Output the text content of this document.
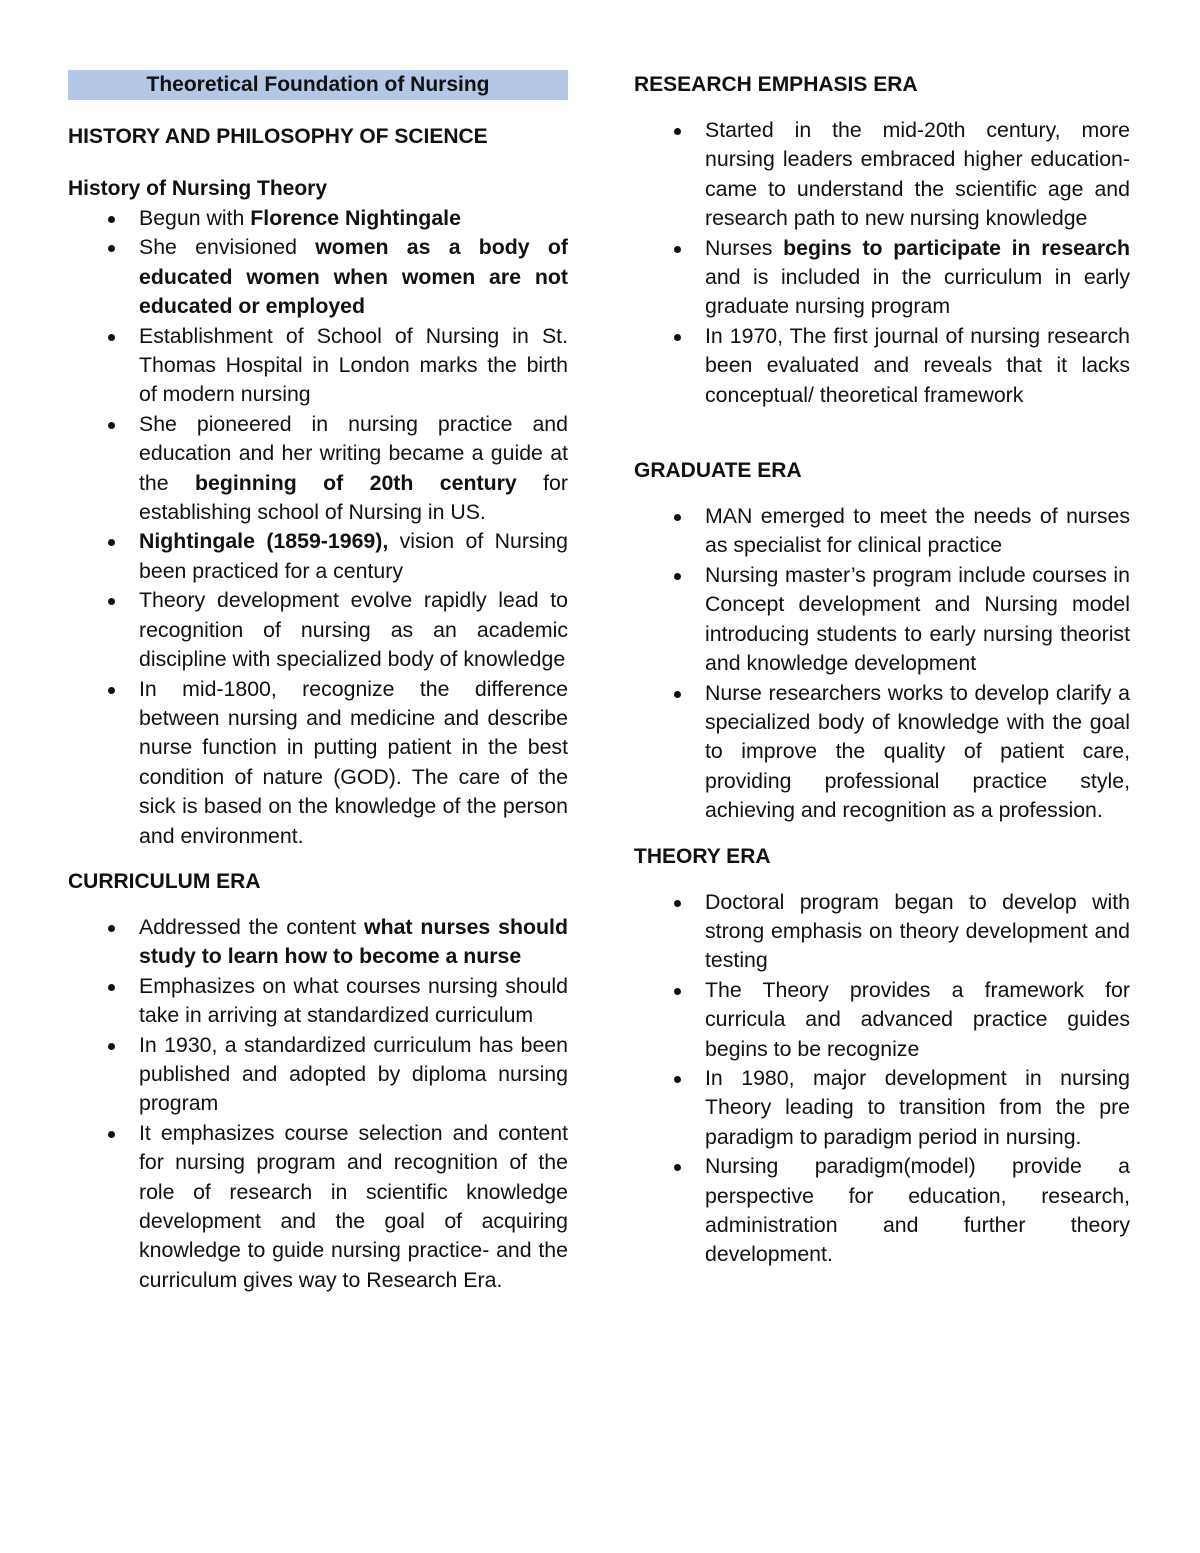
Theoretical Foundation of Nursing
HISTORY AND PHILOSOPHY OF SCIENCE
History of Nursing Theory
Begun with Florence Nightingale
She envisioned women as a body of educated women when women are not educated or employed
Establishment of School of Nursing in St. Thomas Hospital in London marks the birth of modern nursing
She pioneered in nursing practice and education and her writing became a guide at the beginning of 20th century for establishing school of Nursing in US.
Nightingale (1859-1969), vision of Nursing been practiced for a century
Theory development evolve rapidly lead to recognition of nursing as an academic discipline with specialized body of knowledge
In mid-1800, recognize the difference between nursing and medicine and describe nurse function in putting patient in the best condition of nature (GOD). The care of the sick is based on the knowledge of the person and environment.
CURRICULUM ERA
Addressed the content what nurses should study to learn how to become a nurse
Emphasizes on what courses nursing should take in arriving at standardized curriculum
In 1930, a standardized curriculum has been published and adopted by diploma nursing program
It emphasizes course selection and content for nursing program and recognition of the role of research in scientific knowledge development and the goal of acquiring knowledge to guide nursing practice- and the curriculum gives way to Research Era.
RESEARCH EMPHASIS ERA
Started in the mid-20th century, more nursing leaders embraced higher education- came to understand the scientific age and research path to new nursing knowledge
Nurses begins to participate in research and is included in the curriculum in early graduate nursing program
In 1970, The first journal of nursing research been evaluated and reveals that it lacks conceptual/ theoretical framework
GRADUATE ERA
MAN emerged to meet the needs of nurses as specialist for clinical practice
Nursing master’s program include courses in Concept development and Nursing model introducing students to early nursing theorist and knowledge development
Nurse researchers works to develop clarify a specialized body of knowledge with the goal to improve the quality of patient care, providing professional practice style, achieving and recognition as a profession.
THEORY ERA
Doctoral program began to develop with strong emphasis on theory development and testing
The Theory provides a framework for curricula and advanced practice guides begins to be recognize
In 1980, major development in nursing Theory leading to transition from the pre paradigm to paradigm period in nursing.
Nursing paradigm(model) provide a perspective for education, research, administration and further theory development.
